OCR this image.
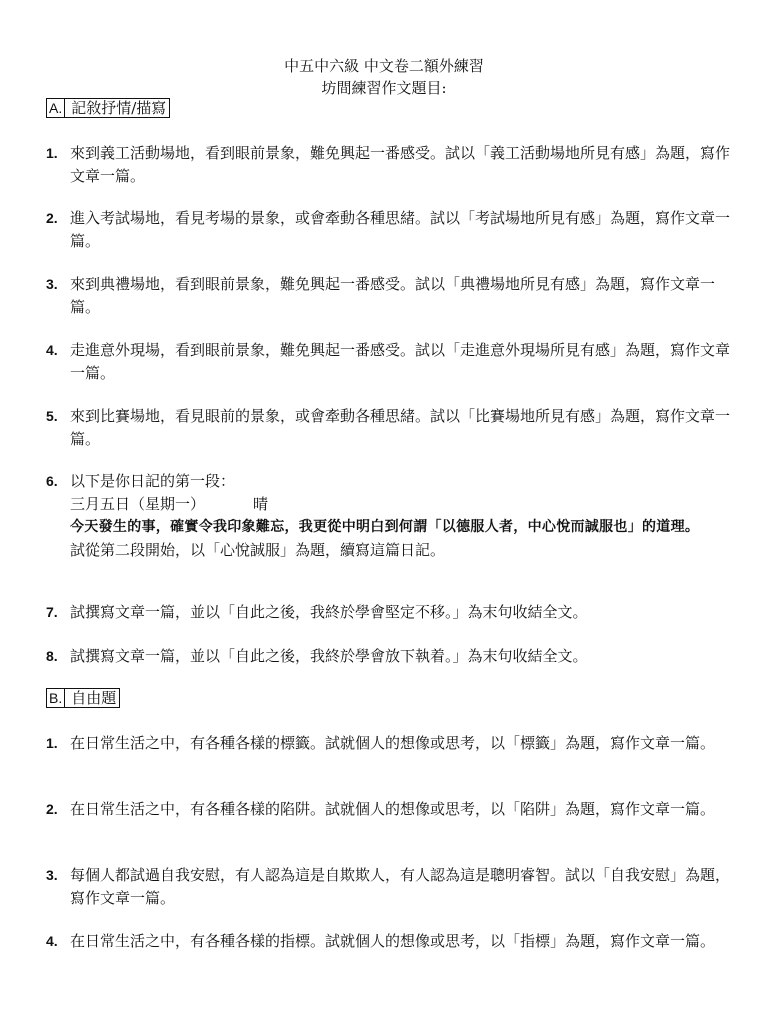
中五中六級 中文卷二額外練習
坊間練習作文題目:
A. 記敘抒情/描寫
1. 來到義工活動場地，看到眼前景象，難免興起一番感受。試以「義工活動場地所見有感」為題，寫作文章一篇。
2. 進入考試場地，看見考場的景象，或會牽動各種思緒。試以「考試場地所見有感」為題，寫作文章一篇。
3. 來到典禮場地，看到眼前景象，難免興起一番感受。試以「典禮場地所見有感」為題，寫作文章一篇。
4. 走進意外現場，看到眼前景象，難免興起一番感受。試以「走進意外現場所見有感」為題，寫作文章一篇。
5. 來到比賽場地，看見眼前的景象，或會牽動各種思緒。試以「比賽場地所見有感」為題，寫作文章一篇。
6. 以下是你日記的第一段：
三月五日（星期一）	晴
今天發生的事，確實令我印象難忘，我更從中明白到何謂「以德服人者，中心悅而誠服也」的道理。
試從第二段開始，以「心悅誠服」為題，續寫這篇日記。
7. 試撰寫文章一篇，並以「自此之後，我終於學會堅定不移。」為末句收結全文。
8. 試撰寫文章一篇，並以「自此之後，我終於學會放下執着。」為末句收結全文。
B. 自由題
1. 在日常生活之中，有各種各樣的標籤。試就個人的想像或思考，以「標籤」為題，寫作文章一篇。
2. 在日常生活之中，有各種各樣的陷阱。試就個人的想像或思考，以「陷阱」為題，寫作文章一篇。
3. 每個人都試過自我安慰，有人認為這是自欺欺人，有人認為這是聰明睿智。試以「自我安慰」為題，寫作文章一篇。
4. 在日常生活之中，有各種各樣的指標。試就個人的想像或思考，以「指標」為題，寫作文章一篇。
